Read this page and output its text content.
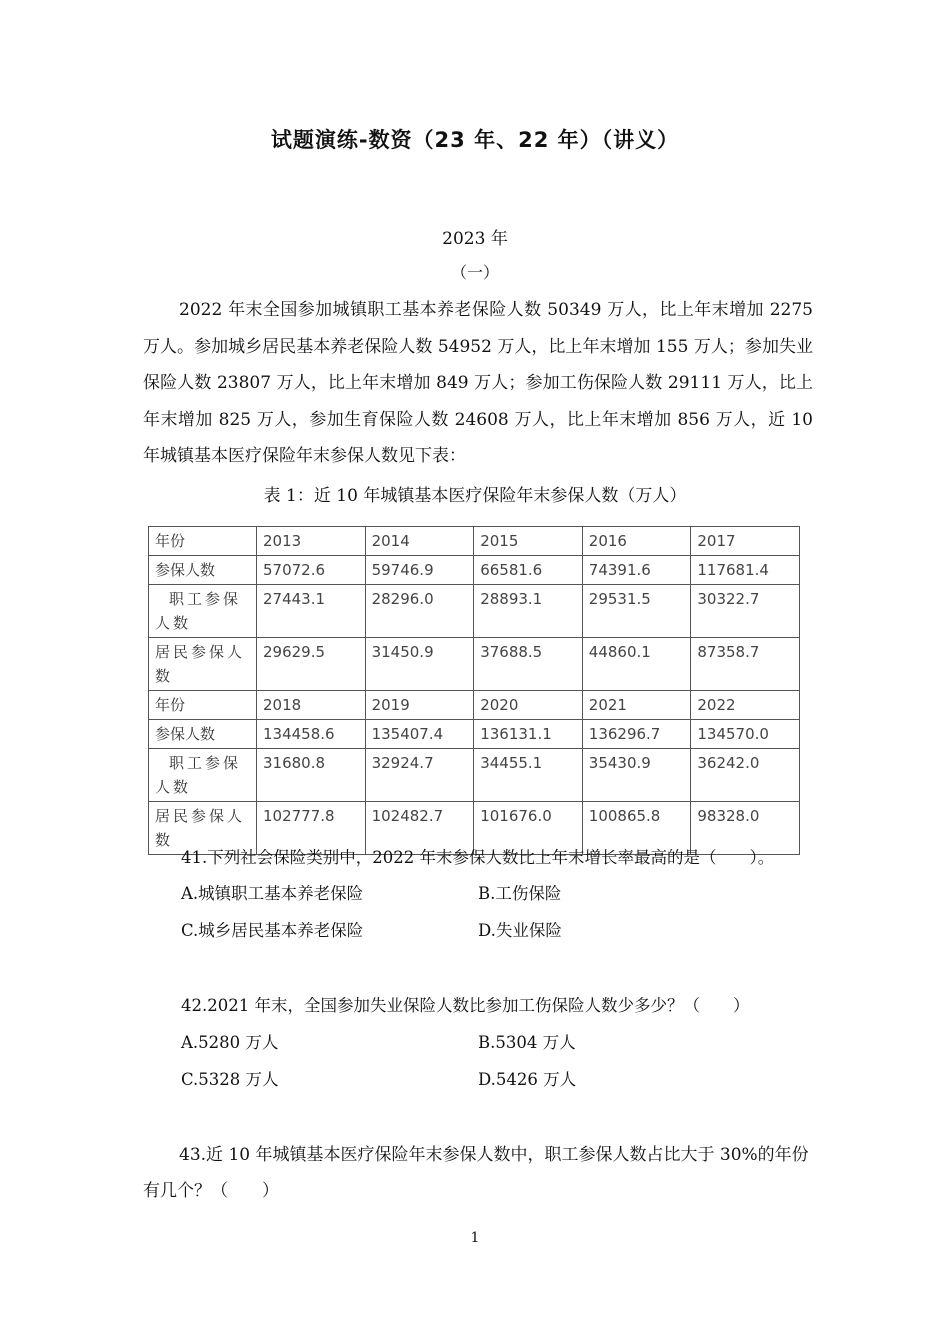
试题演练-数资（23 年、22 年）（讲义）
2023 年
（一）

2022 年末全国参加城镇职工基本养老保险人数 50349 万人，比上年末增加 2275 万人。参加城乡居民基本养老保险人数 54952 万人，比上年末增加 155 万人；参加失业保险人数 23807 万人，比上年末增加 849 万人；参加工伤保险人数 29111 万人，比上年末增加 825 万人，参加生育保险人数 24608 万人，比上年末增加 856 万人，近 10 年城镇基本医疗保险年末参保人数见下表：

表 1：近 10 年城镇基本医疗保险年末参保人数（万人）
年份	2013	2014	2015	2016	2017
参保人数	57072.6	59746.9	66581.6	74391.6	117681.4
职工参保人数	27443.1	28296.0	28893.1	29531.5	30322.7
居民参保人数	29629.5	31450.9	37688.5	44860.1	87358.7
年份	2018	2019	2020	2021	2022
参保人数	134458.6	135407.4	136131.1	136296.7	134570.0
职工参保人数	31680.8	32924.7	34455.1	35430.9	36242.0
居民参保人数	102777.8	102482.7	101676.0	100865.8	98328.0
41.下列社会保险类别中，2022 年末参保人数比上年末增长率最高的是（　　）。
A.城镇职工基本养老保险	B.工伤保险
C.城乡居民基本养老保险	D.失业保险
42.2021 年末，全国参加失业保险人数比参加工伤保险人数少多少？（　　）
A.5280 万人	B.5304 万人
C.5328 万人	D.5426 万人

43.近 10 年城镇基本医疗保险年末参保人数中，职工参保人数占比大于 30%的年份有几个？（　　）

1
